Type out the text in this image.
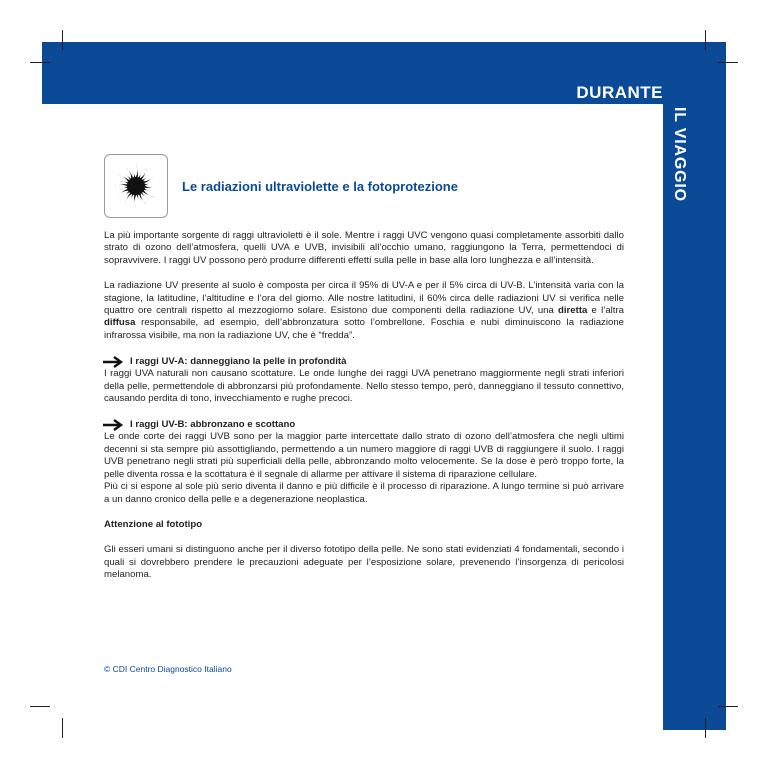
DURANTE
IL VIAGGIO
Le radiazioni ultraviolette e la fotoprotezione

La più importante sorgente di raggi ultravioletti è il sole. Mentre i raggi UVC vengono quasi completamente assorbiti dallo strato di ozono dell’atmosfera, quelli UVA e UVB, invisibili all’occhio umano, raggiungono la Terra, permettendoci di sopravvivere. I raggi UV possono però produrre differenti effetti sulla pelle in base alla loro lunghezza e all’intensità.

La radiazione UV presente al suolo è composta per circa il 95% di UV-A e per il 5% circa di UV-B. L’intensità varia con la stagione, la latitudine, l’altitudine e l’ora del giorno. Alle nostre latitudini, il 60% circa delle radiazioni UV si verifica nelle quattro ore centrali rispetto al mezzogiorno solare. Esistono due componenti della radiazione UV, una diretta e l’altra diffusa responsabile, ad esempio, dell’abbronzatura sotto l’ombrellone. Foschia e nubi diminuiscono la radiazione infrarossa visibile, ma non la radiazione UV, che è “fredda”.

I raggi UV-A: danneggiano la pelle in profondità

I raggi UVA naturali non causano scottature. Le onde lunghe dei raggi UVA penetrano maggiormente negli strati inferiori della pelle, permettendole di abbronzarsi più profondamente. Nello stesso tempo, però, danneggiano il tessuto connettivo, causando perdita di tono, invecchiamento e rughe precoci.

I raggi UV-B: abbronzano e scottano

Le onde corte dei raggi UVB sono per la maggior parte intercettate dallo strato di ozono dell’atmosfera che negli ultimi decenni si sta sempre più assottigliando, permettendo a un numero maggiore di raggi UVB di raggiungere il suolo. I raggi UVB penetrano negli strati più superficiali della pelle, abbronzando molto velocemente. Se la dose è però troppo forte, la pelle diventa rossa e la scottatura è il segnale di allarme per attivare il sistema di riparazione cellulare.

Più ci si espone al sole più serio diventa il danno e più difficile è il processo di riparazione. A lungo termine si può arrivare a un danno cronico della pelle e a degenerazione neoplastica.

Attenzione al fototipo

Gli esseri umani si distinguono anche per il diverso fototipo della pelle. Ne sono stati evidenziati 4 fondamentali, secondo i quali si dovrebbero prendere le precauzioni adeguate per l’esposizione solare, prevenendo l’insorgenza di pericolosi melanoma.

© CDI Centro Diagnostico Italiano
